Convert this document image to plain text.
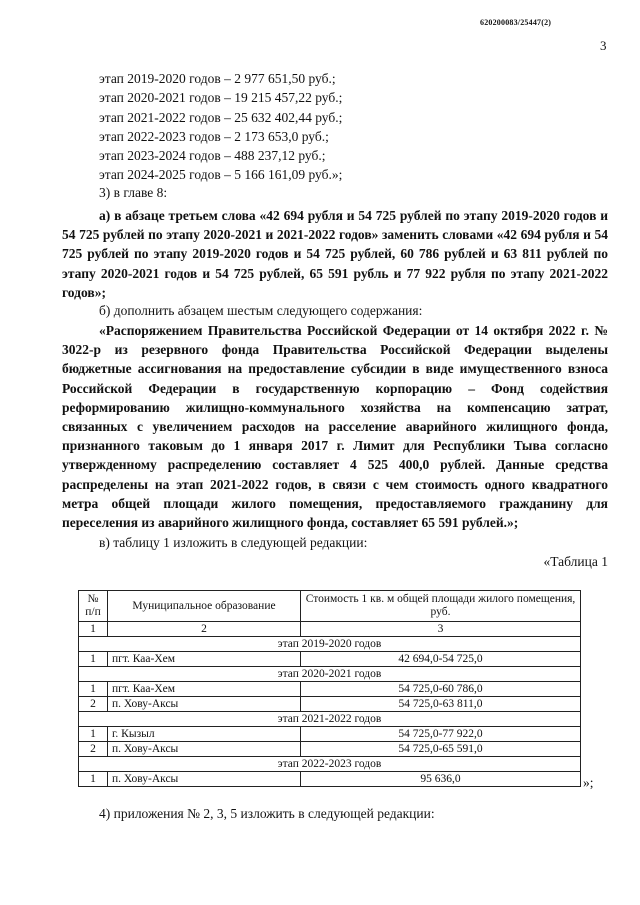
620200083/25447(2)
3
этап 2019-2020 годов – 2 977 651,50 руб.;
этап 2020-2021 годов – 19 215 457,22 руб.;
этап 2021-2022 годов – 25 632 402,44 руб.;
этап 2022-2023 годов – 2 173 653,0 руб.;
этап 2023-2024 годов – 488 237,12 руб.;
этап 2024-2025 годов – 5 166 161,09 руб.»;
3) в главе 8:

а) в абзаце третьем слова «42 694 рубля и 54 725 рублей по этапу 2019-2020 годов и 54 725 рублей по этапу 2020-2021 и 2021-2022 годов» заменить словами «42 694 рубля и 54 725 рублей по этапу 2019-2020 годов и 54 725 рублей, 60 786 рублей и 63 811 рублей по этапу 2020-2021 годов и 54 725 рублей, 65 591 рубль и 77 922 рубля по этапу 2021-2022 годов»;

б) дополнить абзацем шестым следующего содержания:

«Распоряжением Правительства Российской Федерации от 14 октября 2022 г. № 3022-р из резервного фонда Правительства Российской Федерации выделены бюджетные ассигнования на предоставление субсидии в виде имущественного взноса Российской Федерации в государственную корпорацию – Фонд содействия реформированию жилищно-коммунального хозяйства на компенсацию затрат, связанных с увеличением расходов на расселение аварийного жилищного фонда, признанного таковым до 1 января 2017 г. Лимит для Республики Тыва согласно утвержденному распределению составляет 4 525 400,0 рублей. Данные средства распределены на этап 2021-2022 годов, в связи с чем стоимость одного квадратного метра общей площади жилого помещения, предоставляемого гражданину для переселения из аварийного жилищного фонда, составляет 65 591 рублей.»;

в) таблицу 1 изложить в следующей редакции:

«Таблица 1
№ п/п	Муниципальное образование	Стоимость 1 кв. м общей площади жилого помещения, руб.
1	2	3
этап 2019-2020 годов		
1	пгт. Каа-Хем	42 694,0-54 725,0
этап 2020-2021 годов		
1	пгт. Каа-Хем	54 725,0-60 786,0
2	п. Хову-Аксы	54 725,0-63 811,0
этап 2021-2022 годов		
1	г. Кызыл	54 725,0-77 922,0
2	п. Хову-Аксы	54 725,0-65 591,0
этап 2022-2023 годов		
1	п. Хову-Аксы	95 636,0	»;
4) приложения № 2, 3, 5 изложить в следующей редакции:
